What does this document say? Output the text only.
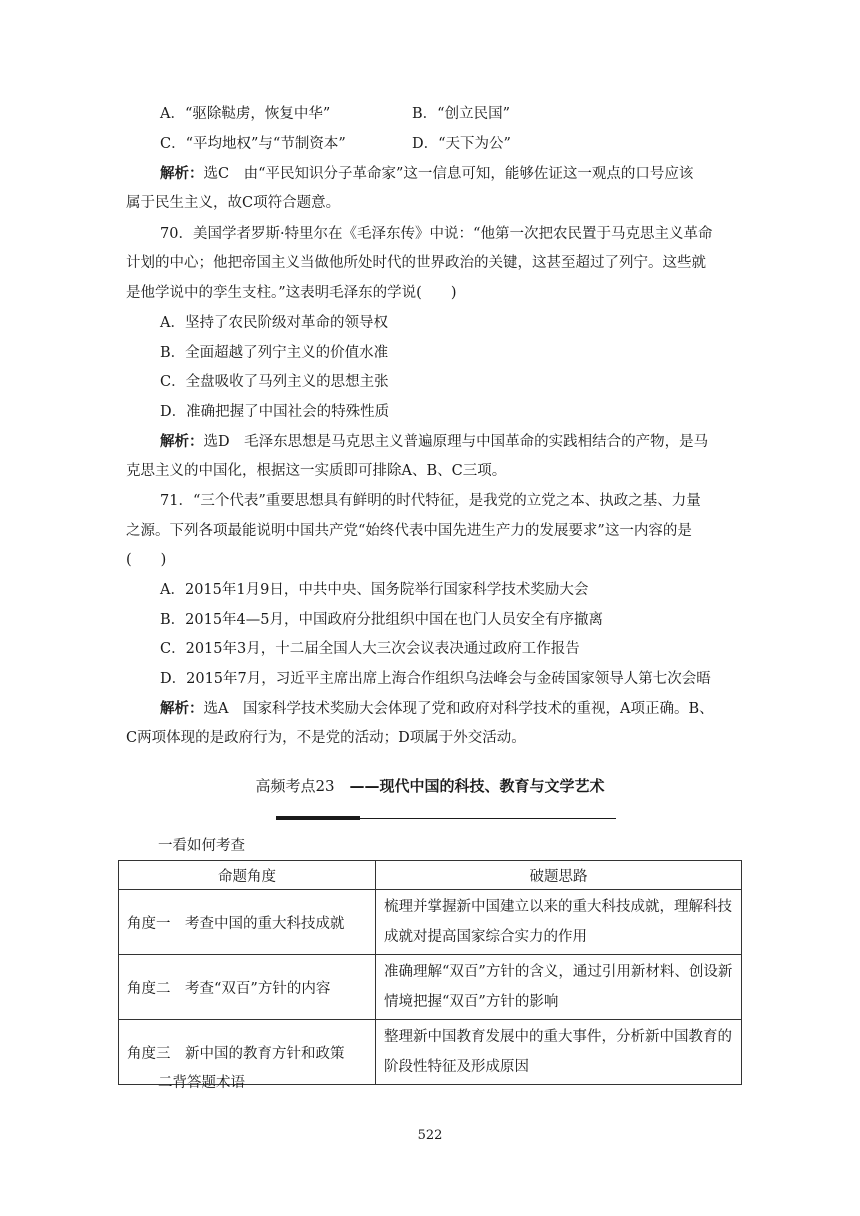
A．“驱除鞑虏，恢复中华”	B．“创立民国”
C．“平均地权”与“节制资本”	D．“天下为公”
解析：选C　由“平民知识分子革命家”这一信息可知，能够佐证这一观点的口号应该
属于民生主义，故C项符合题意。
70．美国学者罗斯·特里尔在《毛泽东传》中说：“他第一次把农民置于马克思主义革命
计划的中心；他把帝国主义当做他所处时代的世界政治的关键，这甚至超过了列宁。这些就
是他学说中的孪生支柱。”这表明毛泽东的学说(　　)
A．坚持了农民阶级对革命的领导权
B．全面超越了列宁主义的价值水准
C．全盘吸收了马列主义的思想主张
D．准确把握了中国社会的特殊性质
解析：选D　毛泽东思想是马克思主义普遍原理与中国革命的实践相结合的产物，是马
克思主义的中国化，根据这一实质即可排除A、B、C三项。
71．“三个代表”重要思想具有鲜明的时代特征，是我党的立党之本、执政之基、力量
之源。下列各项最能说明中国共产党“始终代表中国先进生产力的发展要求”这一内容的是
(　　)
A．2015年1月9日，中共中央、国务院举行国家科学技术奖励大会
B．2015年4—5月，中国政府分批组织中国在也门人员安全有序撤离
C．2015年3月，十二届全国人大三次会议表决通过政府工作报告
D．2015年7月，习近平主席出席上海合作组织乌法峰会与金砖国家领导人第七次会晤
解析：选A　国家科学技术奖励大会体现了党和政府对科学技术的重视，A项正确。B、
C两项体现的是政府行为，不是党的活动；D项属于外交活动。
高频考点23　——现代中国的科技、教育与文学艺术
一看如何考查
命题角度	破题思路
角度一　考查中国的重大科技成就	梳理并掌握新中国建立以来的重大科技成就，理解科技成就对提高国家综合实力的作用
角度二　考查“双百”方针的内容	准确理解“双百”方针的含义，通过引用新材料、创设新情境把握“双百”方针的影响
角度三　新中国的教育方针和政策	整理新中国教育发展中的重大事件，分析新中国教育的阶段性特征及形成原因
二背答题术语
522
